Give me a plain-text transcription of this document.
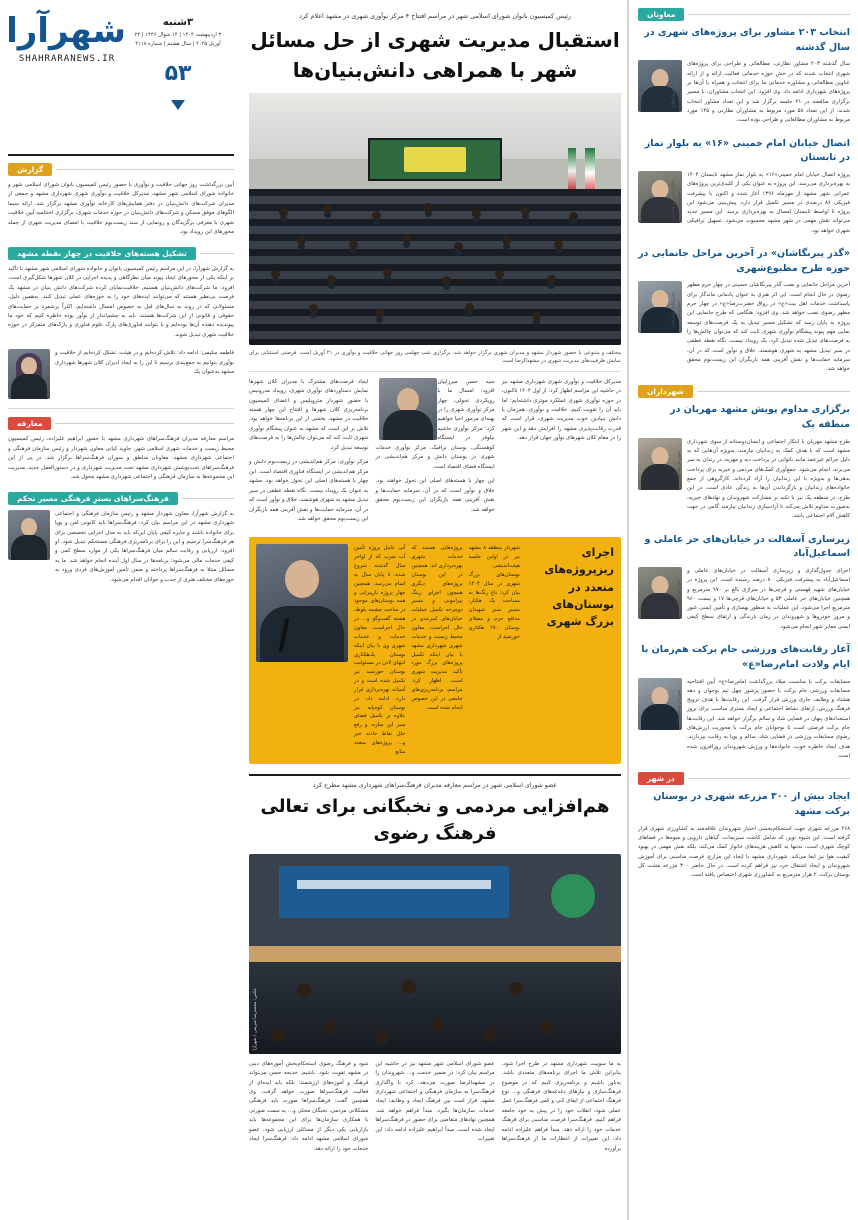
معاونان
انتخاب ۲۰۳ مشاور برای پروژه‌های شهری در سال گذشته
مدیر ایجاد پروژه‌های شهرداری
سال گذشته ۲۰۳ مشاور نظارتی، مطالعاتی و طراحی برای پروژه‌های شهری انتخاب شدند که در خش حوزه خدماتی فعالیت ارائه و از ارائه عناوین مطالعاتی و مشاوره خدماتی ما برای انتخاب و همراه با آن‌ها بر پروژه‌های شهرداری ادامه داد. وی افزود: این انتخاب مشاوران، با مسیر برگزاری مناقصه در ۲۱ جلسه برگزار شد و این تعداد مشاور انتخاب شدند. از این تعداد ۵۸ مورد مربوط به مشاوران نظارتی و ۱۴۵ مورد مربوط به مشاوران مطالعاتی و طراحی بوده است.
اتصال خیابان امام خمینی «۱۶» به بلوار نماز در تابستان
معاون فنی و عمرانی شهرداری
پروژه اتصال خیابان امام خمینی«۱۶» به بلوار نماز مشهد تابستان ۱۴۰۴ به بهره‌برداری می‌رسد. این پروژه به عنوان یکی از کلیدی‌ترین پروژه‌های عمرانی شهر مشهد از مهرماه ۱۳۹۶ آغاز شده و اکنون با پیشرفت فیزیکی ۸۶ درصدی در مسیر تکمیل قرار دارد. پیش‌بینی می‌شود این پروژه تا اواسط تابستان امسال به بهره‌برداری برسد. این مسیر جدید می‌تواند نقش مهمی در شهر مشهد محسوب می‌شود. تسهیل ترافیکی شهری خواهد بود.
«گذر پیرنگاشان» در آخرین مراحل جانمایی در حوزه طرح مطبوع‌شهری
مدیرعامل سازمان حمل‌ونقل
آخرین مراحل جانمایی و نصب گذر پیرنگاشان حسینی در چهار حرم مطهر رضوی در حال انجام است. این اثر هنری به عنوان یادمانی ماندگار برای پاسداشت خدمات اهل بیت«ع» در رواق حضرت‌رضا«ع» در چهار حرم مطهر رضوی نصب خواهد شد. وی افزود: هنگامی که طرح جانمایی این پروژه به پایان رسد که تشکیل مسیر تبدیل به یک فرصت‌های توسعه نمایی مهم پیوند پیشگام نوآوری شهری ثابت کند که می‌توان چالش‌ها را به فرصت‌های تبدیل شده تبدیل کرد. یک رویداد نیست. نگاه نقطه عطفی در سیر تبدیل مشهد به شهری هوشمند، خلاق و نوآور است که در آن، سرمایه حمایت‌ها و نقش آفرینی همه بازیگران این زیست‌بوم محقق خواهد شد.
شهرداران
برگزاری مداوم پویش مشهد مهربان در منطقه یک
شهردار منطقه ۱
طرح مشهد مهربان با ابتکار اجتماعی و انسان‌دوستانه از سوی شهرداری مشهد است که با هدف کمک به زندانیان نیازمند، به‌ویژه آن‌هایی که به دلیل جرائم غیرعمد مانند ناتوانی در پرداخت دیه و مهریه، در زندان به سر می‌برند، انجام می‌شود. جمع‌آوری کمک‌های مردمی و خیریه برای پرداخت بدهی‌ها و به‌ویژه با این زندانیان را آزاد کرده‌اند. کارگروهی از جمع خانواده‌های زندانیان و بازگرداندن آن‌ها به زندگی عادی است. در این طرح، در منطقه یک نیز با تکیه بر مشارکت شهروندان و نهادهای خیریه، به‌صورت مداوم تلاش می‌کند تا آزادسازی زندانیان نیازمند گامی در جهت کاهش آلام اجتماعی باشد.
زیرسازی آسفالت در خیابان‌های حر عاملی و اسماعیل‌آباد
شهردار منطقه ۳
اجرای جدول‌گذاری و زیرسازی آسفالت در خیابان‌های عاملی و اسماعیل‌آباد به پیشرفت فیزیکی ۸۰ درصد رسیده است. این پروژه در خیابان‌های شهید قهستی و قرچی‌ها در متراژی بالغ بر ۹۷۰ مترمربع و همچنین خیابان‌های حر عاملی ۵۳ و خیابان‌های قرچی‌ها ۱۷ و نیست ۹۶۰ مترمربع اجرا می‌شود. این عملیات به منظور بهسازی و تأمین ایمنی عبور و مرور خودروها و شهروندان در زمان بارندگی و ارتقای سطح کیفی ایمنی معابر شهر انجام می‌شود.
آغاز رقابت‌های ورزشی جام برکت هم‌زمان با ایام ولادت امام‌رضا«ع»
شهردار منطقه ۱۲
مسابقات برکت با مناسبت میلاد بزرگداشت امام‌رضا«ع» آیین افتتاحیه مسابقات ورزشی جام برکت با حضور پرشور چهل تیم نوجوان و دهه هشتاد و وظایف جاری ورزش قرار گرفت. این رقابت‌ها با هدف ترویج فرهنگ ورزش، ارتقای نشاط اجتماعی و ایجاد بستری مناسب برای بروز استعدادهای پنهان در فضایی شاد و سالم برگزار خواهد شد. این رقابت‌ها جام برکت فرصتی است تا نوجوانان جام برکت با محوریت ارزش‌های رضوی مسابقات ورزشی در فضایی شاد، سالم و پویا به رقابت بپردازند. هدف ایجاد خاطره خوب، خانواده‌ها و ورزش شهروندان روزافزون شده است.
در شهر
ایجاد بیش از ۳۰۰ مزرعه شهری در بوستان برکت مشهد
۲۶۸ مزرعه شهری جهت استحکام‌بخشی اختیار شهروندان علاقه‌مند به کشاورزی شهری قرار گرفته است. این شیوه نوین که شامل کاشت سبزیجات، گیاهان دارویی و میوه‌ها در فضاهای کوچک شهری است، نه‌تنها به کاهش هزینه‌های خانوار کمک می‌کند، بلکه نقش مهمی در بهبود کیفیت هوا نیز ایفا می‌کند. شهرداری مشهد با ایجاد این مزارع، فرصت مناسبی برای آموزش شهروندان و ایجاد اشتغال خرد نیز فراهم کرده است. در حال حاضر ۳۰۰ مزرعه مشت کل بوستان برکت، ۲ هزار مترمربع به کشاورزی شهری اختصاص یافته است.
رئیس کمیسیون بانوان شورای اسلامی شهر در مراسم افتتاح ۴ مرکز نوآوری شهری در مشهد اعلام کرد
استقبال مدیریت شهری از حل مسائل شهر با همراهی دانش‌بنیان‌ها
مختلف و متنوعی با حضور شهردار مشهد و مدیران شهری برگزار خواهد شد. برگزاری شب چهلمی روز جهانی خلاقیت و نوآوری در ۲۱ آوریل است. فرصتی استثنایی برای نمایش ظرفیت‌های مدیریت شهری در مشهد‌الرضا است

ایجاد فرصت‌های مشترک با مدیران کلان شهرها نمایش دستاوردهای نوآوری شهری، رویداد مدرونیس با حضور شهردار متروپلیس و اعضای کمیسیون برنامه‌ریزی کلان شهرها و افتتاح این چهار هسته خلاقیت در مشهد، بخشی از این برنامه‌ها خواهد بود. تلاش بر این است که مشهد به عنوان پیشگام نوآوری شهری ثابت کند که می‌توان چالش‌ها را به فرصت‌های توسعه تبدیل کرد.

مرکز نوآوری، مرکز هم‌اندیشی در زیست‌بوم دانش و مرکز هم‌اندیشی در ایستگاه فناوری اقتصاد است. این چهار با هسته‌های اصلی این تحول خواهد بود. مشهد به عنوان یک رویداد نیست. نگاه نقطه عطفی در سیر تبدیل مشهد به شهری هوشمند، خلاق و نوآور است که در آن، سرمایه حمایت‌ها و نقش آفرینی همه بازیگران این زیست‌بوم محقق خواهد شد.

سید حسن میرزاییان افزود: امسال ما با رویکردی تحولی، چهار مرکز نوآوری شهری را در پهنه‌ای مرموز احیا خواهیم کرد؛ مرکز نوآوری حاشیه نیلوفر در ایستگاه کوهسنگی، بوستان ترافیک، مرکز نوآوری خدمات شهری در بوستان دانش و مرکز هم‌اندیشی در ایستگاه فضای اقتصاد است.

این چهار با هسته‌های اصلی این تحول خواهند بود. خلاق و نوآور است که در آن، سرمایه حمایت‌ها و نقش آفرینی همه بازیگران این زیست‌بوم محقق خواهد شد.

مدیرکل خلاقیت و نوآوری شهری شهرداری مشهد نیز در حاشیه این مراسم اظهار کرد: از اول ۱۴۰۴ تاکنون، در حوزه نوآوری شهری عملکرد موثری داشته‌ایم؛ اما باید آن را تقویت کنیم. خلاقیت و نوآوری، هم‌زمان با دانش بنیادین خوب مدیریت شهری، قرار است که قدرت رقابت‌پذیری مشهد را افزایش دهد و این شهر را در مقام کلان شهرهای نوآور جهان قرار دهد.

آبی عامل پروژه تأمین آب شرب که از اواخر سال گذشته شروع شده، تا پایان سال به اتمام می‌رسد. همچنین چهار پروژه بازپیرایی و همه بوستان‌های موجود در ساحت چشمه بلوط، هشته گفت‌وگو و... در حال اجراست. معاون خدمات و خدمات شهری وی با بیان اینکه بوستان یک‌هکتاری انتهای لادن در مسئولیت بوستان خورشید نیز تکمیل شده است و در آستانه بهره‌برداری قرار دارد، ادامه داد: در بوستان کوه‌پایه نیز علاوه بر تکمیل فضای سبز این سازه، و رفع خلل نقاط حادثه خیز و... پروژه‌های متعدد منابع
پروژه‌هایی هستند که خدمات شهری بهره‌برداری اند. همچنین در این بوستان پروژه‌های دیگری همچون اجرای رینگ پیرامونی و مسیر دوچرخه تکمیل عملیات خیابان‌های کمربندی در حال اجراست. معاون محیط زیست و خدمات شهری شهرداری مشهد با بیان اینکه تکمیل پروژه‌های بزرگ مورد تأکید مدیریت شهری است، اظهار کرد: مراسم، برنامه‌ریزی‌های جامعی در این خصوص انجام شده است.
شهردار منطقه ۸ مشهد نیز در اولین جلسه هیئت‌اندیشی بوستان‌های بزرگ شهری در سال ۱۴۰۴ بیان کرد: باغ رنگ‌ها به مساحت یک هکتار، مسیر سبز شهیدان مدافع حرم و مصلای بوستان ۲۸۰ هکتاری خورشید از
اجرای ریزپروژه‌های متعدد در بوستان‌های بزرگ شهری
عضو شورای اسلامی شهر در مراسم معارفه مدیران فرهنگ‌سراهای شهرداری مشهد مطرح کرد
هم‌افزایی مردمی و نخبگانی برای تعالی فرهنگ رضوی
عکس: محمدرضا شریفی / شهرآرا
شود و فرهنگ رضوی استحکام‌بخش آموزه‌های دینی در مشهد تقویت شود. باشیم، خدیجه حسن می‌تواند فرهنگ و آموزه‌های ارزشمند؛ بلکه باید ایده‌ای از فعالیت فرهنگ‌سراها صورت خواهد گرفت. وی همچنین گفت: فرهنگ‌سراها صورت باید فرهنگی مشکلاتی مردمی، نخبگان محلی و... به سمت صورتی با همکاری سازمان‌ها برای این مجموعه‌ها باید بازاریابی یکی دیگر از مسائلی ارزیابی شود. عضو شورای اسلامی مشهد ادامه داد: فرهنگ‌سرا ایجاد خدمات خود را ارائه دهد.
عضو شورای اسلامی شهر مشهد نیز در حاشیه این مراسم بیان کرد: در ضمیر خدمت و... شهروندان را در مشهدالرضا صورت می‌دهد. کرد با واگذاری فرهنگ‌سرا به سازمان فرهنگی و اجتماعی شهرداری مشهد، قرار است بین فرهنگ ایجاد و وظایف ایجاد خدمات سازمان‌ها بگیرد. مبدأ فراهم خواهد شد. همچنین نهادهای متقاضی برای حضور در فرهنگ‌سراها ایجاد شده است. مبدأ ابراهیم علیزاده ادامه داد: این تغییرات
به ما سوییت شهرداری مشهد در طرح اجرا شود، بنابراین تلاش ما اجرای برنامه‌های متعددی باشد. به‌باور باشیم و برنامه‌ریزی کنیم که در موضوع فرهنگ‌سازی و نیازهای دغدغه‌های فرهنگی و... نوع فرهنگ اجتماعی از ایفای کنی و کمی فرهنگ‌سرا عمل عملی شود، انقلاب خود را در پیش به خود جامعه فراهم کنیم. فرهنگ‌سرا فرصت مناسبی برای فرهنگ خدمات خود را ارائه دهد. مبدأ فراهم علیزاده ادامه داد: این تغییرات از انتظارات ما از فرهنگ‌سراها برآورده
شهرآرا
SHAHRARANEWS.IR
۳‌شنبه
۳ اردیبهشت ۱۴۰۴ | ۱۴ شوال ۱۴۴۶ | ۲۲ آوریل ۲۰۲۵ | سال هشتم | شماره ۴۱۱۸
۵۳
گزارش
آیین بزرگداشت روز جهانی خلاقیت و نوآوری با حضور رئیس کمیسیون بانوان شورای اسلامی شهر و خانواده شورای اسلامی شهر مشهد، مدیرکل خلاقیت و نوآوری شهری شهرداری مشهد و جمعی از مدیران شرکت‌های دانش‌بنیان در دفتر همایش‌های کارخانه نوآوری مشهد برگزار شد. ارائه سیما الگوهای موفق مسکن و شرکت‌های دانش‌بنیان در حوزه خدمات شهری، برگزاری اختتامیه آیین خلاقیت شهری با معرفی برگزیدگان و رونمایی از سند زیست‌بوم خلاقیت با امضای مدیریت شهری از جمله محورهای این رویداد بود.
تشکیل هسته‌های خلاقیت در چهار نقطه مشهد
به گزارش شهرآرا، در این مراسم رئیس کمیسیون بانوان و خانواده شورای اسلامی شهر مشهد با تأکید بر اینکه یکی از محورهای ایجاد پیوند میان نظرگاهی و پدیده اجرایی در کلان شهرها شکل‌گیری است، افزود: ما شرکت‌های دانش‌بنیان هستیم، خلاقیت‌نمایان کرده شرکت‌های دانش بنیان در مشهد یک فرصت بی‌نظیر هستند که می‌توانند ایده‌های خود را به حوزه‌های عملی تبدیل کنند. به‌همین دلیل، مسئولانی که در روند به سال‌های قبل به خصوص امسال داشته‌ایم، اکثراً برشمرد بر حمایت‌های حقوقی و قانونی از این شرکت‌ها هستند. باید به چشم‌انداز از نوآور بوده خاطره کنیم که خود ما پیوندیده دهنده آن‌ها بوده‌ایم و با بتوانند فناوری‌های پارک علوم فناوری و پارک‌های متمرکز در حوزه خلاقیت شهری تبدیل شوند.
فاطمه سلیمی: ادامه داد: تلاش کرده‌ایم و در هیئت، تشکل کرده‌ایم از خلاقیت و نوآوری بتوانیم به جمع‌بندی برسیم تا این را به ایجاد ادیران کلان شهرها شهرداری مشهد به‌عنوان یک
معارفه
مراسم معارفه مدیران فرهنگ‌سراهای شهرداری مشهد با حضور ابراهیم علیزاده، رئیس کمیسیون محیط زیست و خدمات شهری اسلامی شهر، جاوید کیانی معاون شهردار و رئیس سازمان فرهنگی و اجتماعی شهرداری مشهد، معاونان مناطق و سوران فرهنگ‌سراها برگزار شد. در پی از این فرهنگ‌سراهای تحت‌پوشش شهرداری مشهد تحت مدیریت شهرداری و در دستورالعمل جدید، مدیریت این مجموعه‌ها به سازمان فرهنگی و اجتماعی شهرداری مشهد محول شد.
فرهنگ‌سراهای بسترِ فرهنگی مسیر تحکم
به گزارش شهرآرا، معاون شهردار مشهد و رئیس سازمان فرهنگی و اجتماعی شهرداری مشهد در این مراسم بیان کرد: فرهنگ‌سراها باید کانونی امن و پویا برای خانواده باشند و جایزه کیفی پایان این‌که باید به مدل اجرایی تخصصی برای هر فرهنگ‌سرا ترسیم و این را برای برنامه‌ریزی فرهنگی مستحکم تبدیل شود. او افزود: ارزیابی و رقابت سالم میان فرهنگ‌سراها یکی از موارد سطح کمی و کیفی خدمات مالی می‌شود؛ برنامه‌ها در سال اول آینده انجام خواهد شد. ما به مسائل مبتلا به فرهنگ‌سراها پرداخته و ضمن تأمین آموزش‌های فردی ورود به حوزه‌های مختلف هنری از جذب و جوانان اقدام می‌شود.
